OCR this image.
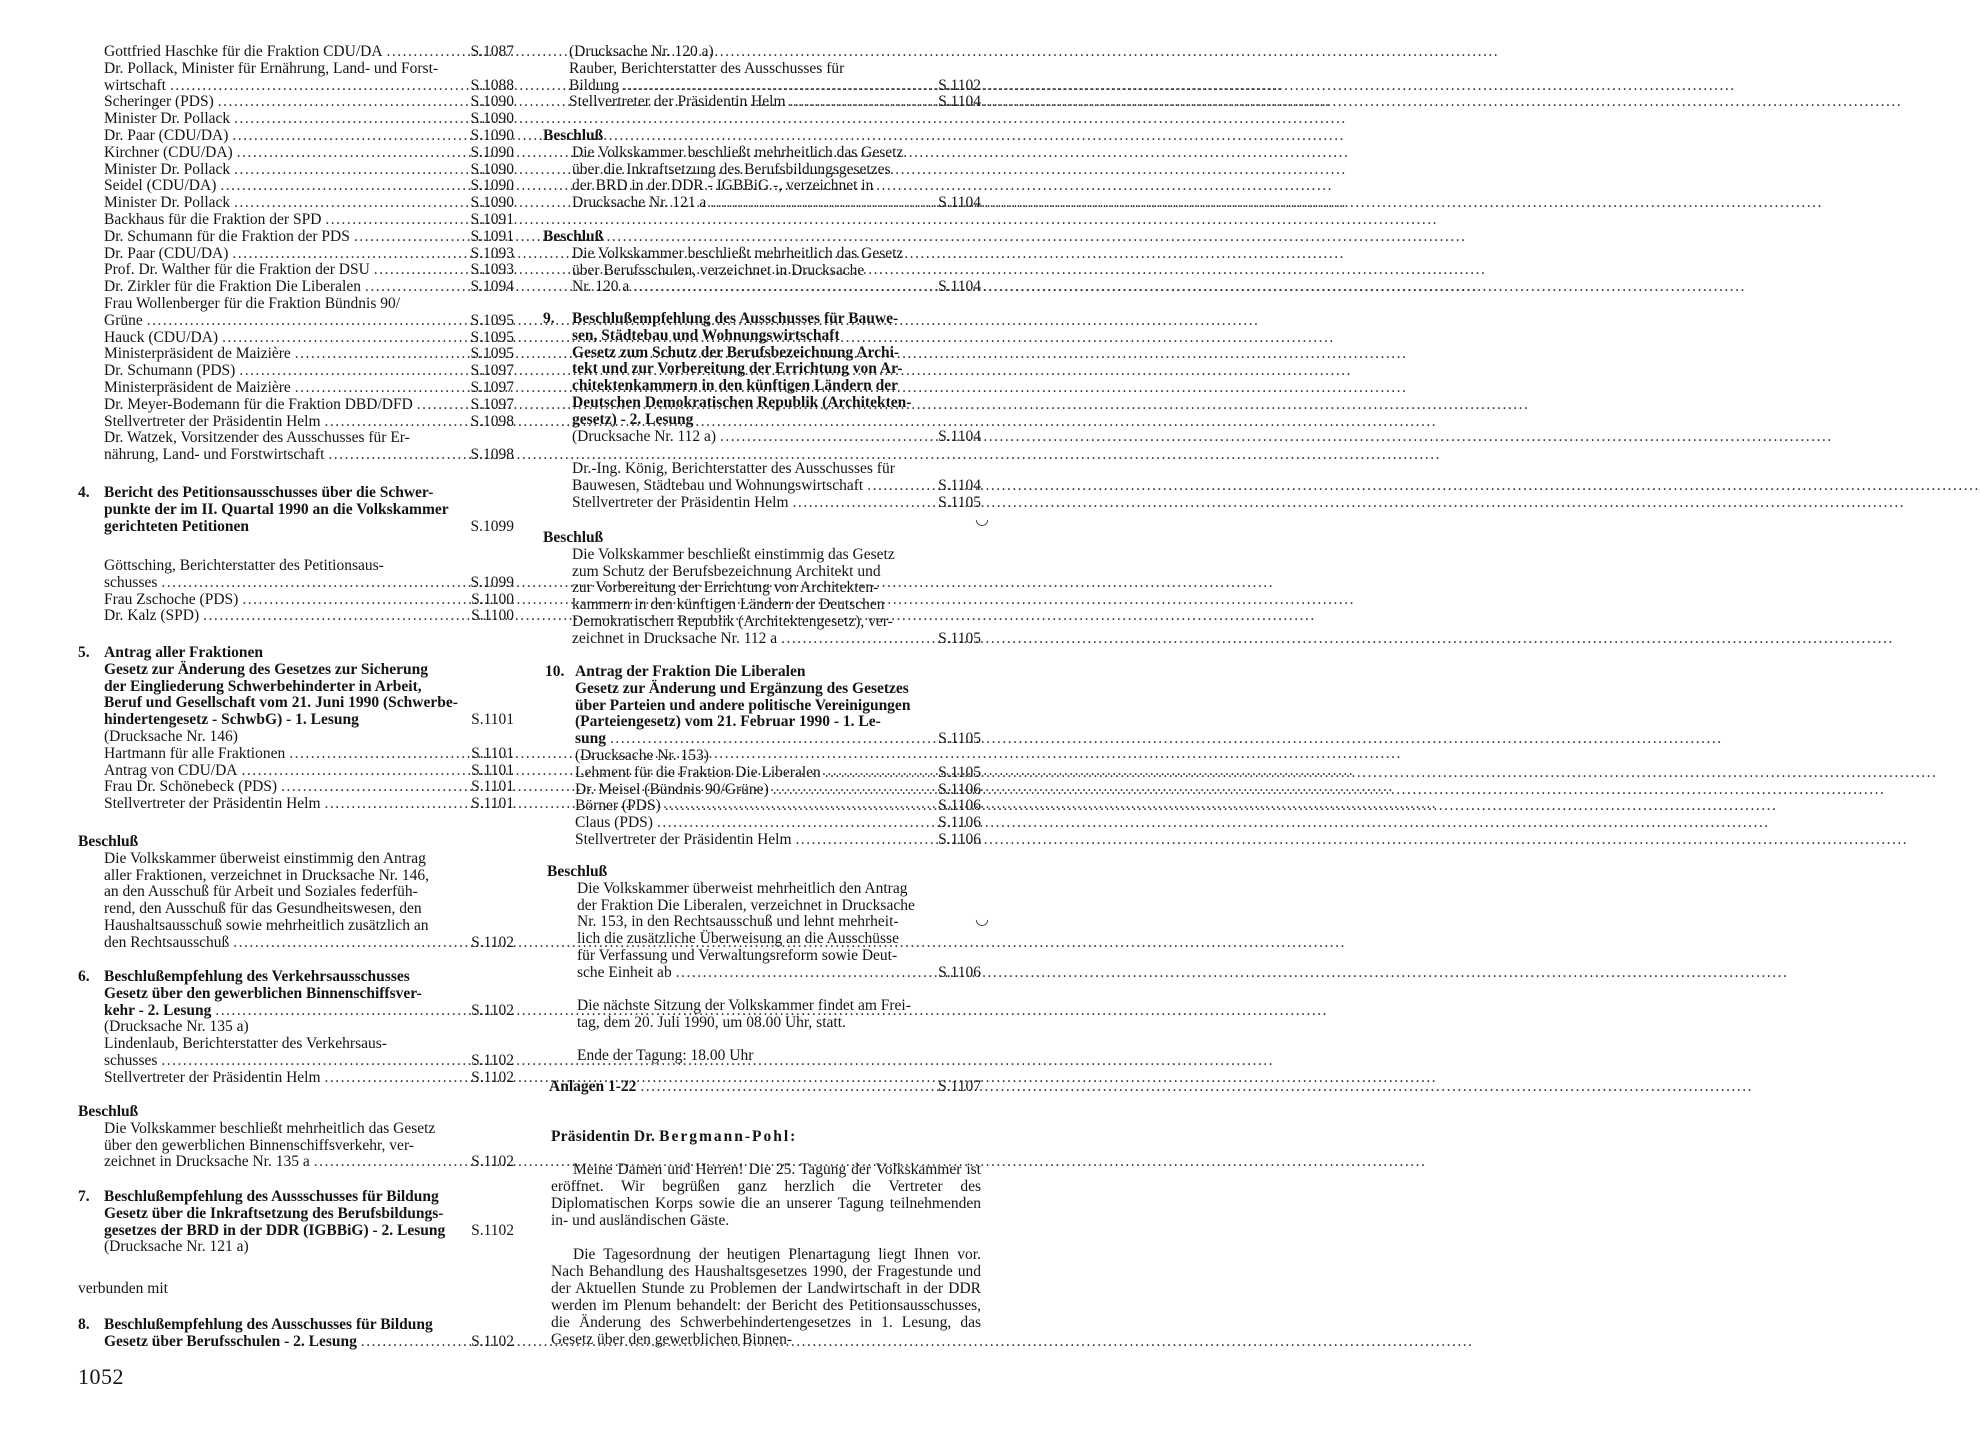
Gottfried Haschke für die Fraktion CDU/DA .....	S.1087
Dr. Pollack, Minister für Ernährung, Land- und Forst-
wirtschaft .....	S.1088
Scheringer (PDS) .....	S.1090
Minister Dr. Pollack .....	S.1090
Dr. Paar (CDU/DA) .....	S.1090
Kirchner (CDU/DA) .....	S.1090
Minister Dr. Pollack .....	S.1090
Seidel (CDU/DA) .....	S.1090
Minister Dr. Pollack .....	S.1090
Backhaus für die Fraktion der SPD .....	S.1091
Dr. Schumann für die Fraktion der PDS .....	S.1091
Dr. Paar (CDU/DA) .....	S.1093
Prof. Dr. Walther für die Fraktion der DSU .....	S.1093
Dr. Zirkler für die Fraktion Die Liberalen .....	S.1094
Frau Wollenberger für die Fraktion Bündnis 90/
Grüne .....	S.1095
Hauck (CDU/DA) .....	S.1095
Ministerpräsident de Maizière .....	S.1095
Dr. Schumann (PDS) .....	S.1097
Ministerpräsident de Maizière .....	S.1097
Dr. Meyer-Bodemann für die Fraktion DBD/DFD .....	S.1097
Stellvertreter der Präsidentin Helm .....	S.1098
Dr. Watzek, Vorsitzender des Ausschusses für Er-
nährung, Land- und Forstwirtschaft .....	S.1098
4. Bericht des Petitionsausschusses über die Schwer-
punkte der im II. Quartal 1990 an die Volkskammer
gerichteten Petitionen	S.1099
Göttsching, Berichterstatter des Petitionsaus-
schusses .....	S.1099
Frau Zschoche (PDS) .....	S.1100
Dr. Kalz (SPD) .....	S.1100
5. Antrag aller Fraktionen
Gesetz zur Änderung des Gesetzes zur Sicherung
der Eingliederung Schwerbehinderter in Arbeit,
Beruf und Gesellschaft vom 21. Juni 1990 (Schwerbe-
hindertengesetz - SchwbG) - 1. Lesung	S.1101
(Drucksache Nr. 146)
Hartmann für alle Fraktionen .....	S.1101
Antrag von CDU/DA .....	S.1101
Frau Dr. Schönebeck (PDS) .....	S.1101
Stellvertreter der Präsidentin Helm .....	S.1101
Beschluß
Die Volkskammer überweist einstimmig den Antrag
aller Fraktionen, verzeichnet in Drucksache Nr. 146,
an den Ausschuß für Arbeit und Soziales federfüh-
rend, den Ausschuß für das Gesundheitswesen, den
Haushaltsausschuß sowie mehrheitlich zusätzlich an
den Rechtsausschuß .....	S.1102
6. Beschlußempfehlung des Verkehrsausschusses
Gesetz über den gewerblichen Binnenschiffsver-
kehr - 2. Lesung .....	S.1102
(Drucksache Nr. 135 a)
Lindenlaub, Berichterstatter des Verkehrsaus-
schusses .....	S.1102
Stellvertreter der Präsidentin Helm .....	S.1102
Beschluß
Die Volkskammer beschließt mehrheitlich das Gesetz
über den gewerblichen Binnenschiffsverkehr, ver-
zeichnet in Drucksache Nr. 135 a .....	S.1102
7. Beschlußempfehlung des Aussschusses für Bildung
Gesetz über die Inkraftsetzung des Berufsbildungs-
gesetzes der BRD in der DDR (IGBBiG) - 2. Lesung S.1102
(Drucksache Nr. 121 a)
verbunden mit
8. Beschlußempfehlung des Ausschusses für Bildung
Gesetz über Berufsschulen - 2. Lesung .....	S.1102
1052
(Drucksache Nr. 120 a)
Rauber, Berichterstatter des Ausschusses für
Bildung .....	S.1102
Stellvertreter der Präsidentin Helm .....	S.1104
Beschluß
Die Volkskammer beschließt mehrheitlich das Gesetz
über die Inkraftsetzung des Berufsbildungsgesetzes
der BRD in der DDR - IGBBiG -, verzeichnet in
Drucksache Nr. 121 a .....	S.1104
Beschluß
Die Volkskammer beschließt mehrheitlich das Gesetz
über Berufsschulen, verzeichnet in Drucksache
Nr. 120 a .....	S.1104
9. Beschlußempfehlung des Ausschusses für Bauwe-
sen, Städtebau und Wohnungswirtschaft
Gesetz zum Schutz der Berufsbezeichnung Archi-
tekt und zur Vorbereitung der Errichtung von Ar-
chitektenkammern in den künftigen Ländern der
Deutschen Demokratischen Republik (Architekten-
gesetz) - 2. Lesung
(Drucksache Nr. 112 a) .....	S.1104
Dr.-Ing. König, Berichterstatter des Ausschusses für
Bauwesen, Städtebau und Wohnungswirtschaft .....	S.1104
Stellvertreter der Präsidentin Helm .....	S.1105
Beschluß
Die Volkskammer beschließt einstimmig das Gesetz
zum Schutz der Berufsbezeichnung Architekt und
zur Vorbereitung der Errichtung von Architekten-
kammern in den künftigen Ländern der Deutschen
Demokratischen Republik (Architektengesetz), ver-
zeichnet in Drucksache Nr. 112 a .....	S.1105
10. Antrag der Fraktion Die Liberalen
Gesetz zur Änderung und Ergänzung des Gesetzes
über Parteien und andere politische Vereinigungen
(Parteiengesetz) vom 21. Februar 1990 - 1. Le-
sung .....	S.1105
(Drucksache Nr. 153)
Lehment für die Fraktion Die Liberalen .....	S.1105
Dr. Meisel (Bündnis 90/Grüne) .....	S.1106
Börner (PDS) .....	S.1106
Claus (PDS) .....	S.1106
Stellvertreter der Präsidentin Helm .....	S.1106
Beschluß
Die Volkskammer überweist mehrheitlich den Antrag
der Fraktion Die Liberalen, verzeichnet in Drucksache
Nr. 153, in den Rechtsausschuß und lehnt mehrheit-
lich die zusätzliche Überweisung an die Ausschüsse
für Verfassung und Verwaltungsreform sowie Deut-
sche Einheit ab .....	S.1106
Die nächste Sitzung der Volkskammer findet am Frei-
tag, dem 20. Juli 1990, um 08.00 Uhr, statt.
Ende der Tagung: 18.00 Uhr
Anlagen 1-22 .....	S.1107
Präsidentin Dr. Bergmann-Pohl:

Meine Damen und Herren! Die 25. Tagung der Volkskammer ist eröffnet. Wir begrüßen ganz herzlich die Vertreter des Diplomatischen Korps sowie die an unserer Tagung teilnehmenden in- und ausländischen Gäste.

Die Tagesordnung der heutigen Plenartagung liegt Ihnen vor. Nach Behandlung des Haushaltsgesetzes 1990, der Fragestunde und der Aktuellen Stunde zu Problemen der Landwirtschaft in der DDR werden im Plenum behandelt: der Bericht des Petitionsausschusses, die Änderung des Schwerbehindertengesetzes in 1. Lesung, das Gesetz über den gewerblichen Binnen-

◡
◡
